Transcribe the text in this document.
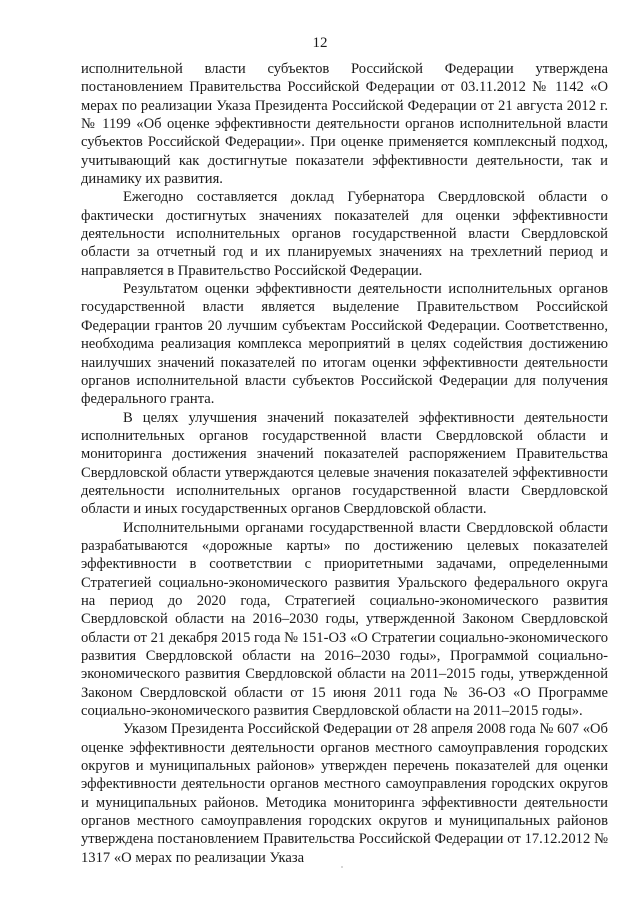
12

исполнительной власти субъектов Российской Федерации утверждена постановлением Правительства Российской Федерации от 03.11.2012 № 1142 «О мерах по реализации Указа Президента Российской Федерации от 21 августа 2012 г. № 1199 «Об оценке эффективности деятельности органов исполнительной власти субъектов Российской Федерации». При оценке применяется комплексный подход, учитывающий как достигнутые показатели эффективности деятельности, так и динамику их развития.

Ежегодно составляется доклад Губернатора Свердловской области о фактически достигнутых значениях показателей для оценки эффективности деятельности исполнительных органов государственной власти Свердловской области за отчетный год и их планируемых значениях на трехлетний период и направляется в Правительство Российской Федерации.

Результатом оценки эффективности деятельности исполнительных органов государственной власти является выделение Правительством Российской Федерации грантов 20 лучшим субъектам Российской Федерации. Соответственно, необходима реализация комплекса мероприятий в целях содействия достижению наилучших значений показателей по итогам оценки эффективности деятельности органов исполнительной власти субъектов Российской Федерации для получения федерального гранта.

В целях улучшения значений показателей эффективности деятельности исполнительных органов государственной власти Свердловской области и мониторинга достижения значений показателей распоряжением Правительства Свердловской области утверждаются целевые значения показателей эффективности деятельности исполнительных органов государственной власти Свердловской области и иных государственных органов Свердловской области.

Исполнительными органами государственной власти Свердловской области разрабатываются «дорожные карты» по достижению целевых показателей эффективности в соответствии с приоритетными задачами, определенными Стратегией социально-экономического развития Уральского федерального округа на период до 2020 года, Стратегией социально-экономического развития Свердловской области на 2016–2030 годы, утвержденной Законом Свердловской области от 21 декабря 2015 года № 151-ОЗ «О Стратегии социально-экономического развития Свердловской области на 2016–2030 годы», Программой социально-экономического развития Свердловской области на 2011–2015 годы, утвержденной Законом Свердловской области от 15 июня 2011 года № 36-ОЗ «О Программе социально-экономического развития Свердловской области на 2011–2015 годы».

Указом Президента Российской Федерации от 28 апреля 2008 года № 607 «Об оценке эффективности деятельности органов местного самоуправления городских округов и муниципальных районов» утвержден перечень показателей для оценки эффективности деятельности органов местного самоуправления городских округов и муниципальных районов. Методика мониторинга эффективности деятельности органов местного самоуправления городских округов и муниципальных районов утверждена постановлением Правительства Российской Федерации от 17.12.2012 № 1317 «О мерах по реализации Указа
